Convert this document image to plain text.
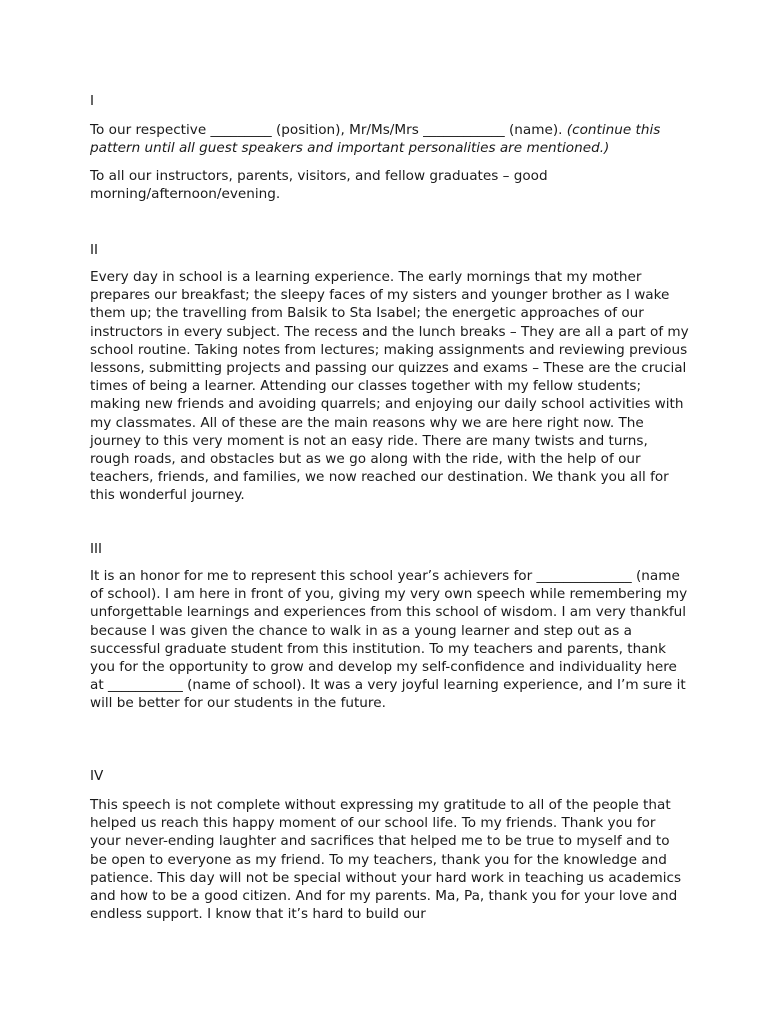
I

To our respective _________ (position), Mr/Ms/Mrs ____________ (name). (continue this pattern until all guest speakers and important personalities are mentioned.)

To all our instructors, parents, visitors, and fellow graduates – good morning/afternoon/evening.

II

Every day in school is a learning experience. The early mornings that my mother prepares our breakfast; the sleepy faces of my sisters and younger brother as I wake them up; the travelling from Balsik to Sta Isabel; the energetic approaches of our instructors in every subject. The recess and the lunch breaks – They are all a part of my school routine. Taking notes from lectures; making assignments and reviewing previous lessons, submitting projects and passing our quizzes and exams – These are the crucial times of being a learner. Attending our classes together with my fellow students; making new friends and avoiding quarrels; and enjoying our daily school activities with my classmates. All of these are the main reasons why we are here right now. The journey to this very moment is not an easy ride. There are many twists and turns, rough roads, and obstacles but as we go along with the ride, with the help of our teachers, friends, and families, we now reached our destination. We thank you all for this wonderful journey.

III

It is an honor for me to represent this school year’s achievers for ______________ (name of school). I am here in front of you, giving my very own speech while remembering my unforgettable learnings and experiences from this school of wisdom. I am very thankful because I was given the chance to walk in as a young learner and step out as a successful graduate student from this institution. To my teachers and parents, thank you for the opportunity to grow and develop my self-confidence and individuality here at ___________ (name of school). It was a very joyful learning experience, and I’m sure it will be better for our students in the future.

IV

This speech is not complete without expressing my gratitude to all of the people that helped us reach this happy moment of our school life. To my friends. Thank you for your never-ending laughter and sacrifices that helped me to be true to myself and to be open to everyone as my friend. To my teachers, thank you for the knowledge and patience. This day will not be special without your hard work in teaching us academics and how to be a good citizen. And for my parents. Ma, Pa, thank you for your love and endless support. I know that it’s hard to build our
